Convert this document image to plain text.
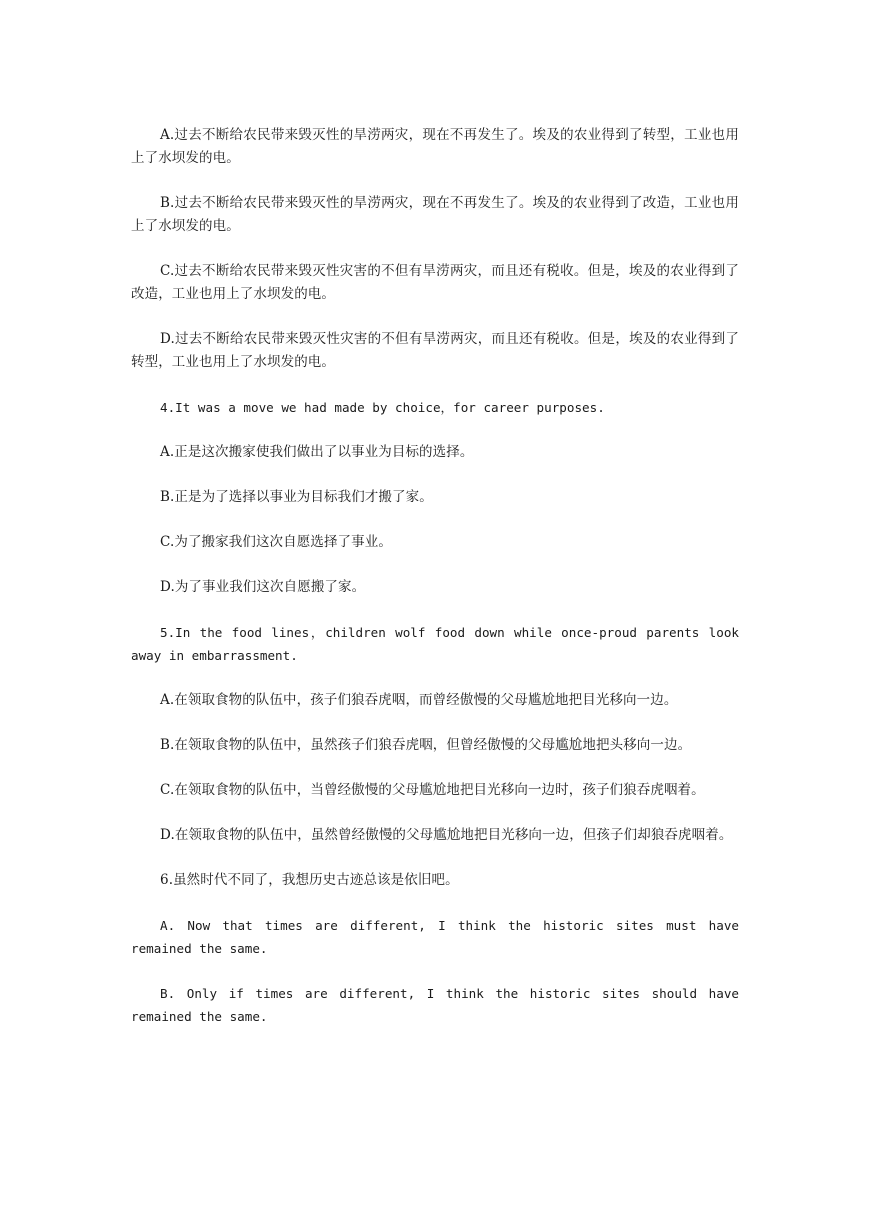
A.过去不断给农民带来毁灭性的旱涝两灾，现在不再发生了。埃及的农业得到了转型，工业也用上了水坝发的电。

B.过去不断给农民带来毁灭性的旱涝两灾，现在不再发生了。埃及的农业得到了改造，工业也用上了水坝发的电。

C.过去不断给农民带来毁灭性灾害的不但有旱涝两灾，而且还有税收。但是，埃及的农业得到了改造，工业也用上了水坝发的电。

D.过去不断给农民带来毁灭性灾害的不但有旱涝两灾，而且还有税收。但是，埃及的农业得到了转型，工业也用上了水坝发的电。

4.It was a move we had made by choice，for career purposes.

A.正是这次搬家使我们做出了以事业为目标的选择。

B.正是为了选择以事业为目标我们才搬了家。

C.为了搬家我们这次自愿选择了事业。

D.为了事业我们这次自愿搬了家。

5.In the food lines，children wolf food down while once-proud parents look away in embarrassment.

A.在领取食物的队伍中，孩子们狼吞虎咽，而曾经傲慢的父母尴尬地把目光移向一边。

B.在领取食物的队伍中，虽然孩子们狼吞虎咽，但曾经傲慢的父母尴尬地把头移向一边。

C.在领取食物的队伍中，当曾经傲慢的父母尴尬地把目光移向一边时，孩子们狼吞虎咽着。

D.在领取食物的队伍中，虽然曾经傲慢的父母尴尬地把目光移向一边，但孩子们却狼吞虎咽着。

6.虽然时代不同了，我想历史古迹总该是依旧吧。

A. Now that times are different, I think the historic sites must have remained the same.

B. Only if times are different, I think the historic sites should have remained the same.
